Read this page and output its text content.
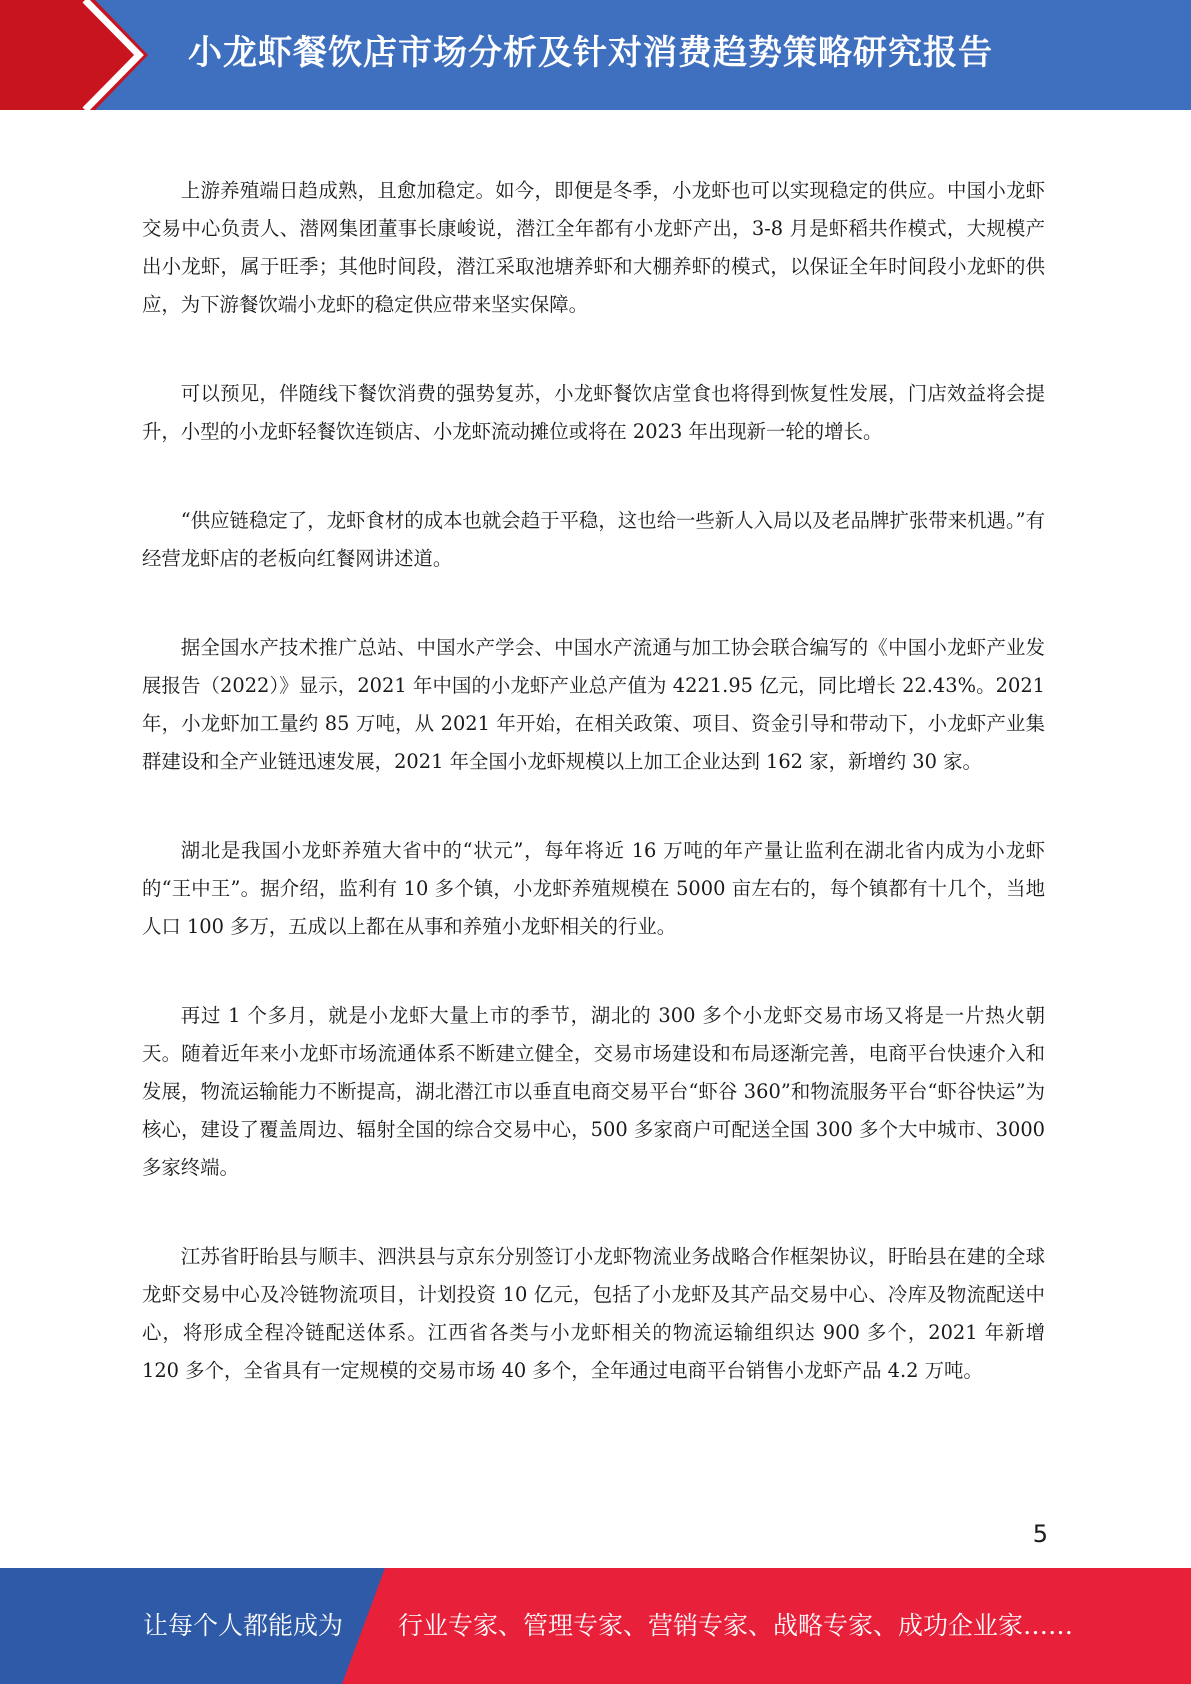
小龙虾餐饮店市场分析及针对消费趋势策略研究报告

上游养殖端日趋成熟，且愈加稳定。如今，即便是冬季，小龙虾也可以实现稳定的供应。中国小龙虾交易中心负责人、潜网集团董事长康峻说，潜江全年都有小龙虾产出，3-8 月是虾稻共作模式，大规模产出小龙虾，属于旺季；其他时间段，潜江采取池塘养虾和大棚养虾的模式，以保证全年时间段小龙虾的供应，为下游餐饮端小龙虾的稳定供应带来坚实保障。

可以预见，伴随线下餐饮消费的强势复苏，小龙虾餐饮店堂食也将得到恢复性发展，门店效益将会提升，小型的小龙虾轻餐饮连锁店、小龙虾流动摊位或将在 2023 年出现新一轮的增长。

“供应链稳定了，龙虾食材的成本也就会趋于平稳，这也给一些新人入局以及老品牌扩张带来机遇。”有经营龙虾店的老板向红餐网讲述道。

据全国水产技术推广总站、中国水产学会、中国水产流通与加工协会联合编写的《中国小龙虾产业发展报告（2022）》显示，2021 年中国的小龙虾产业总产值为 4221.95 亿元，同比增长 22.43%。2021 年，小龙虾加工量约 85 万吨，从 2021 年开始，在相关政策、项目、资金引导和带动下，小龙虾产业集群建设和全产业链迅速发展，2021 年全国小龙虾规模以上加工企业达到 162 家，新增约 30 家。

湖北是我国小龙虾养殖大省中的“状元”，每年将近 16 万吨的年产量让监利在湖北省内成为小龙虾的“王中王”。据介绍，监利有 10 多个镇，小龙虾养殖规模在 5000 亩左右的，每个镇都有十几个，当地人口 100 多万，五成以上都在从事和养殖小龙虾相关的行业。

再过 1 个多月，就是小龙虾大量上市的季节，湖北的 300 多个小龙虾交易市场又将是一片热火朝天。随着近年来小龙虾市场流通体系不断建立健全，交易市场建设和布局逐渐完善，电商平台快速介入和发展，物流运输能力不断提高，湖北潜江市以垂直电商交易平台“虾谷 360”和物流服务平台“虾谷快运”为核心，建设了覆盖周边、辐射全国的综合交易中心，500 多家商户可配送全国 300 多个大中城市、3000 多家终端。

江苏省盱眙县与顺丰、泗洪县与京东分别签订小龙虾物流业务战略合作框架协议，盱眙县在建的全球龙虾交易中心及冷链物流项目，计划投资 10 亿元，包括了小龙虾及其产品交易中心、冷库及物流配送中心，将形成全程冷链配送体系。江西省各类与小龙虾相关的物流运输组织达 900 多个，2021 年新增 120 多个，全省具有一定规模的交易市场 40 多个，全年通过电商平台销售小龙虾产品 4.2 万吨。

5
让每个人都能成为 行业专家、管理专家、营销专家、战略专家、成功企业家……
